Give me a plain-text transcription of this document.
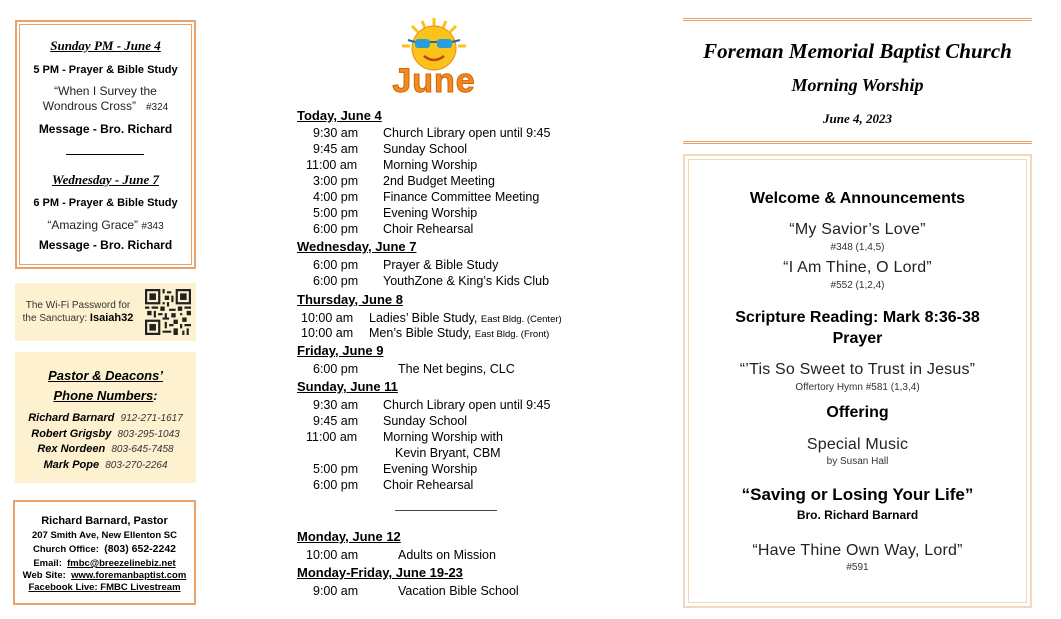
Sunday PM - June 4
5 PM - Prayer & Bible Study
“When I Survey the
Wondrous Cross” #324
Message - Bro. Richard
Wednesday - June 7
6 PM - Prayer & Bible Study
“Amazing Grace” #343
Message - Bro. Richard
The Wi-Fi Password for
the Sanctuary: Isaiah32
Pastor & Deacons’
Phone Numbers:
Richard Barnard 912-271-1617
Robert Grigsby 803-295-1043
Rex Nordeen 803-645-7458
Mark Pope 803-270-2264
Richard Barnard, Pastor
207 Smith Ave, New Ellenton SC
Church Office: (803) 652-2242
Email: fmbc@breezelinebiz.net
Web Site: www.foremanbaptist.com
Facebook Live: FMBC Livestream
June
Today, June 4
9:30 am Church Library open until 9:45
9:45 am Sunday School
11:00 am Morning Worship
3:00 pm 2nd Budget Meeting
4:00 pm Finance Committee Meeting
5:00 pm Evening Worship
6:00 pm Choir Rehearsal
Wednesday, June 7
6:00 pm Prayer & Bible Study
6:00 pm YouthZone & King’s Kids Club
Thursday, June 8
10:00 am Ladies’ Bible Study, East Bldg. (Center)
10:00 am Men’s Bible Study, East Bldg. (Front)
Friday, June 9
6:00 pm	The Net begins, CLC
Sunday, June 11
9:30 am Church Library open until 9:45
9:45 am Sunday School
11:00 am Morning Worship with
Kevin Bryant, CBM
5:00 pm Evening Worship
6:00 pm Choir Rehearsal
Monday, June 12
10:00 am	Adults on Mission
Monday-Friday, June 19-23
9:00 am	Vacation Bible School
Foreman Memorial Baptist Church
Morning Worship
June 4, 2023
Welcome & Announcements
“My Savior’s Love”
#348 (1,4,5)
“I Am Thine, O Lord”
#552 (1,2,4)
Scripture Reading: Mark 8:36-38
Prayer
“’Tis So Sweet to Trust in Jesus”
Offertory Hymn #581 (1,3,4)
Offering
Special Music
by Susan Hall
“Saving or Losing Your Life”
Bro. Richard Barnard
“Have Thine Own Way, Lord”
#591
